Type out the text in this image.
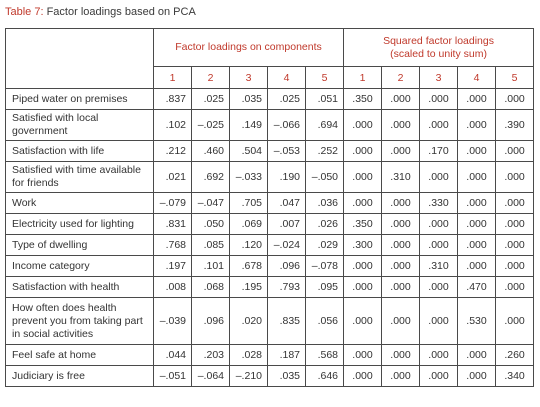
Table 7: Factor loadings based on PCA
	Factor loadings on components					Squared factor loadings
(scaled to unity sum)				
	1	2	3	4	5	1	2	3	4	5
Piped water on premises	.837	.025	.035	.025	.051	.350	.000	.000	.000	.000
Satisfied with local government	.102	–.025	.149	–.066	.694	.000	.000	.000	.000	.390
Satisfaction with life	.212	.460	.504	–.053	.252	.000	.000	.170	.000	.000
Satisfied with time available for friends	.021	.692	–.033	.190	–.050	.000	.310	.000	.000	.000
Work	–.079	–.047	.705	.047	.036	.000	.000	.330	.000	.000
Electricity used for lighting	.831	.050	.069	.007	.026	.350	.000	.000	.000	.000
Type of dwelling	.768	.085	.120	–.024	.029	.300	.000	.000	.000	.000
Income category	.197	.101	.678	.096	–.078	.000	.000	.310	.000	.000
Satisfaction with health	.008	.068	.195	.793	.095	.000	.000	.000	.470	.000
How often does health prevent you from taking part in social activities	–.039	.096	.020	.835	.056	.000	.000	.000	.530	.000
Feel safe at home	.044	.203	.028	.187	.568	.000	.000	.000	.000	.260
Judiciary is free	–.051	–.064	–.210	.035	.646	.000	.000	.000	.000	.340
